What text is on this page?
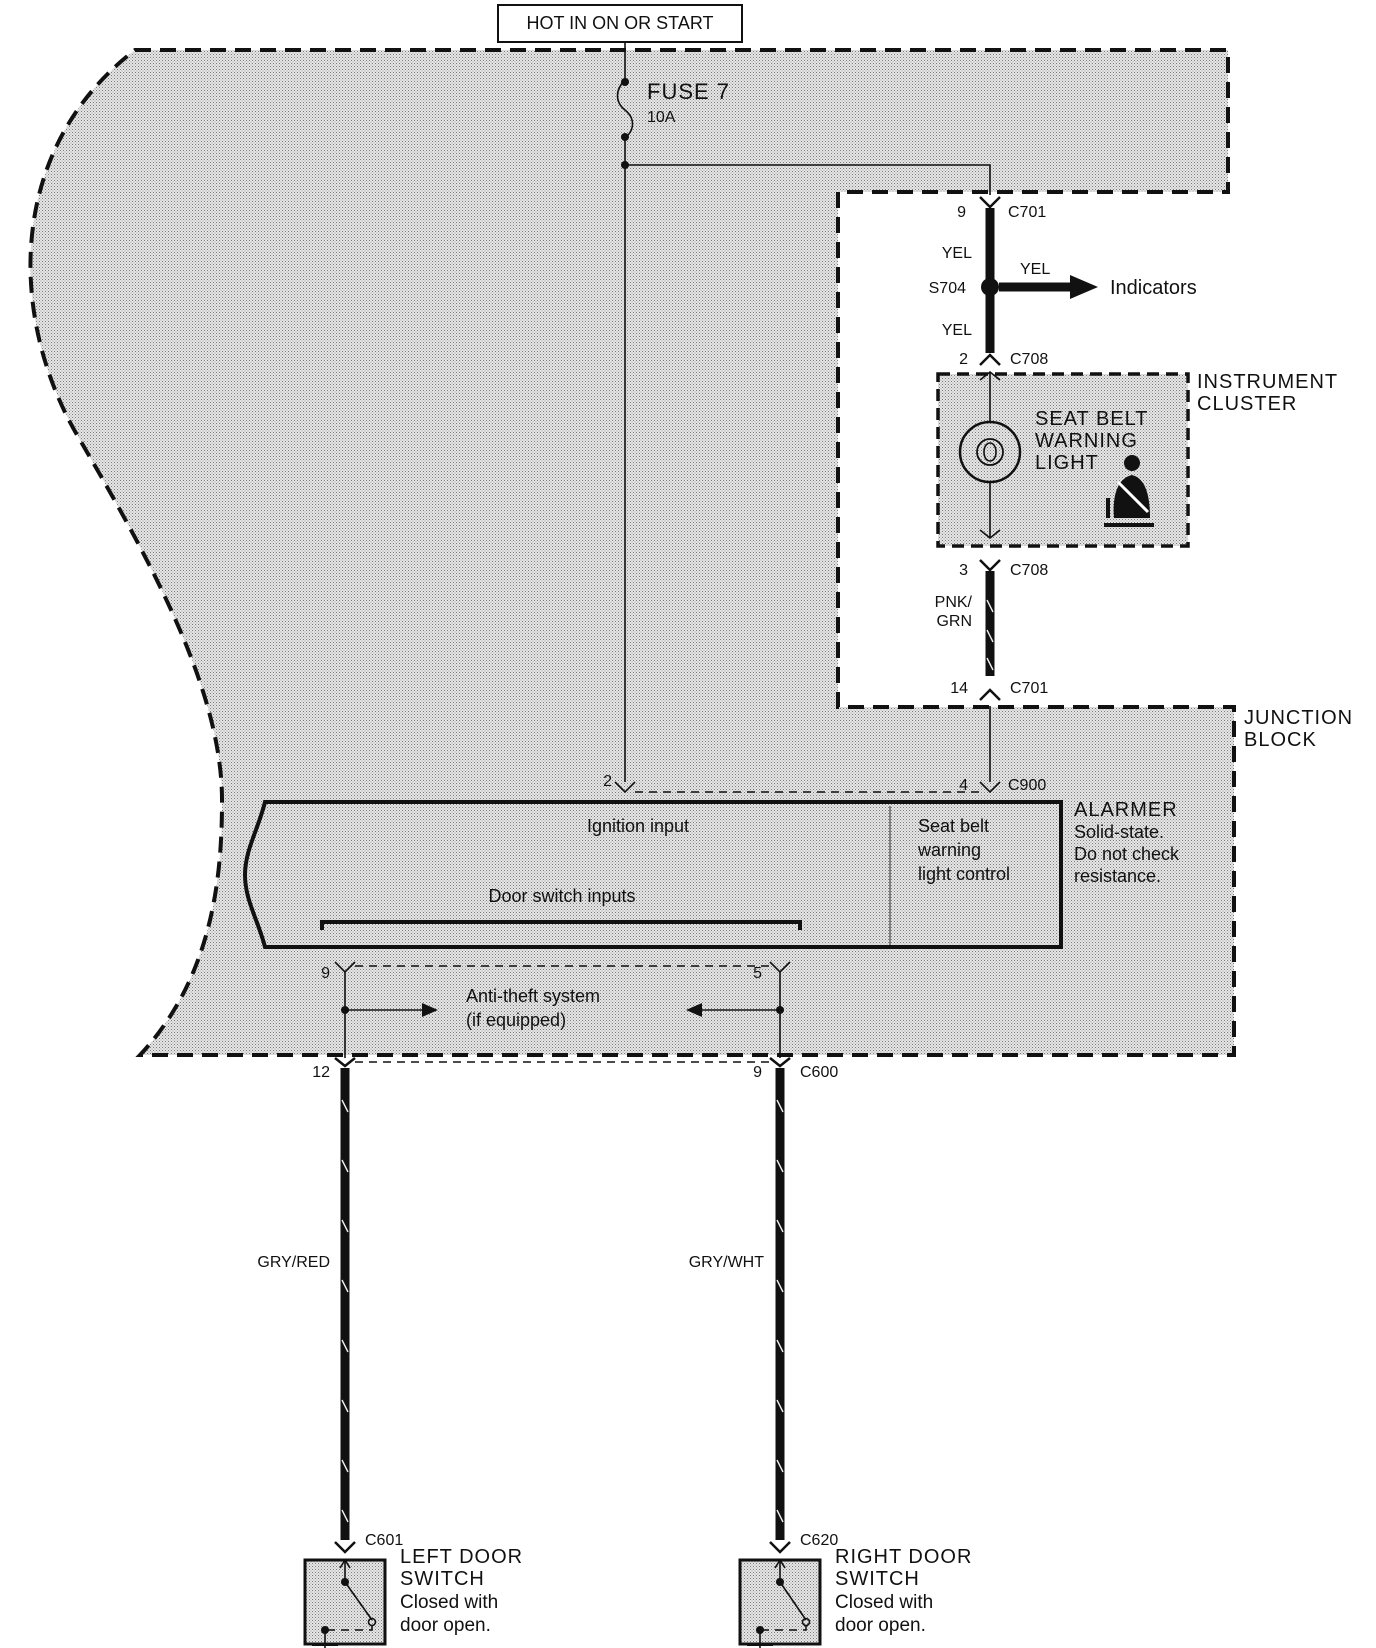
HOT IN ON OR START
FUSE 7
10A
9	C701
YEL
YEL
S704
YEL
Indicators
2	C708
INSTRUMENT
CLUSTER
SEAT BELT
WARNING
LIGHT
3	C708
PNK/
GRN
14	C701
JUNCTION
BLOCK
2	4	C900
Ignition input	Seat belt
warning
light control
Door switch inputs
ALARMER
Solid-state.
Do not check
resistance.
9	5
Anti-theft system
(if equipped)
12	9 C600
GRY/RED	GRY/WHT
C601	C620
LEFT DOOR
SWITCH
Closed with
door open.
RIGHT DOOR
SWITCH
Closed with
door open.
